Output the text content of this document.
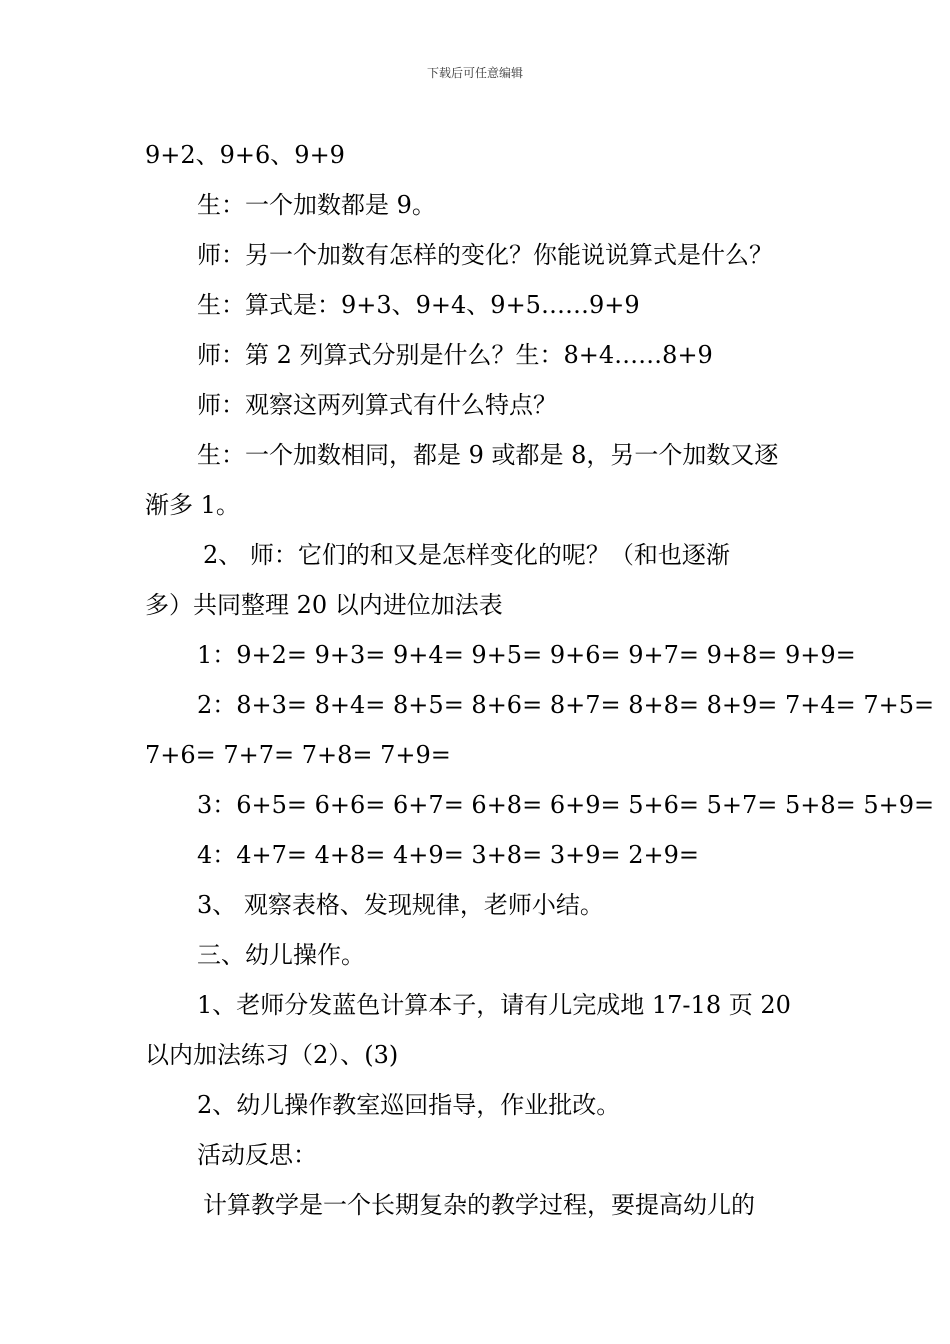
下载后可任意编辑
9+2、9+6、9+9
生：一个加数都是 9。
师：另一个加数有怎样的变化？你能说说算式是什么？
生：算式是：9+3、9+4、9+5……9+9
师：第 2 列算式分别是什么？生：8+4……8+9
师：观察这两列算式有什么特点？
生：一个加数相同，都是 9 或都是 8，另一个加数又逐
渐多 1。
2、 师：它们的和又是怎样变化的呢？（和也逐渐
多）共同整理 20 以内进位加法表
1：9+2= 9+3= 9+4= 9+5= 9+6= 9+7= 9+8= 9+9=
2：8+3= 8+4= 8+5= 8+6= 8+7= 8+8= 8+9= 7+4= 7+5=
7+6= 7+7= 7+8= 7+9=
3：6+5= 6+6= 6+7= 6+8= 6+9= 5+6= 5+7= 5+8= 5+9=
4：4+7= 4+8= 4+9= 3+8= 3+9= 2+9=
3、 观察表格、发现规律，老师小结。
三、幼儿操作。
1、老师分发蓝色计算本子，请有儿完成地 17-18 页 20
以内加法练习（2）、(3)
2、幼儿操作教室巡回指导，作业批改。
活动反思：
计算教学是一个长期复杂的教学过程，要提高幼儿的
